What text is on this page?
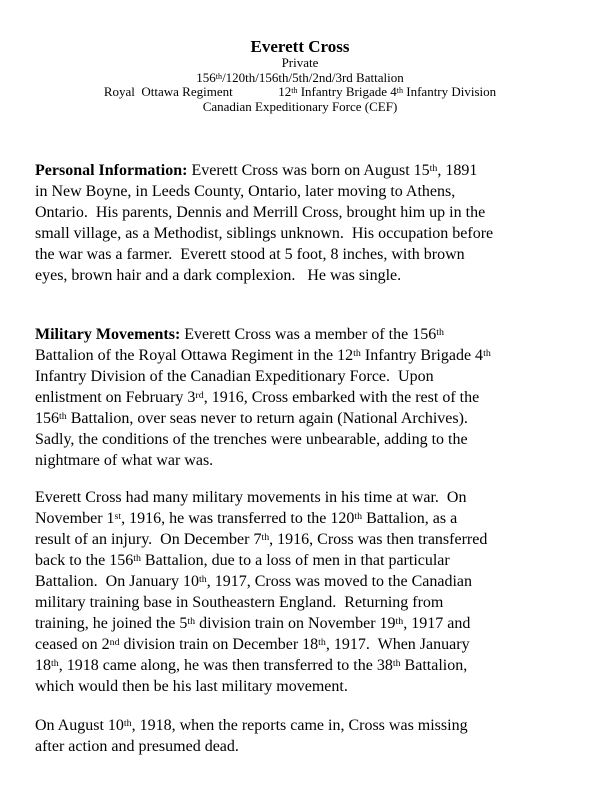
Everett Cross
Private
156th/120th/156th/5th/2nd/3rd Battalion
Royal  Ottawa Regiment              12th Infantry Brigade 4th Infantry Division
Canadian Expeditionary Force (CEF)
Personal Information: Everett Cross was born on August 15th, 1891
in New Boyne, in Leeds County, Ontario, later moving to Athens,
Ontario.  His parents, Dennis and Merrill Cross, brought him up in the
small village, as a Methodist, siblings unknown.  His occupation before
the war was a farmer.  Everett stood at 5 foot, 8 inches, with brown
eyes, brown hair and a dark complexion.   He was single.
Military Movements: Everett Cross was a member of the 156th
Battalion of the Royal Ottawa Regiment in the 12th Infantry Brigade 4th
Infantry Division of the Canadian Expeditionary Force.  Upon
enlistment on February 3rd, 1916, Cross embarked with the rest of the
156th Battalion, over seas never to return again (National Archives).
Sadly, the conditions of the trenches were unbearable, adding to the
nightmare of what war was.
Everett Cross had many military movements in his time at war.  On
November 1st, 1916, he was transferred to the 120th Battalion, as a
result of an injury.  On December 7th, 1916, Cross was then transferred
back to the 156th Battalion, due to a loss of men in that particular
Battalion.  On January 10th, 1917, Cross was moved to the Canadian
military training base in Southeastern England.  Returning from
training, he joined the 5th division train on November 19th, 1917 and
ceased on 2nd division train on December 18th, 1917.  When January
18th, 1918 came along, he was then transferred to the 38th Battalion,
which would then be his last military movement.
On August 10th, 1918, when the reports came in, Cross was missing
after action and presumed dead.
